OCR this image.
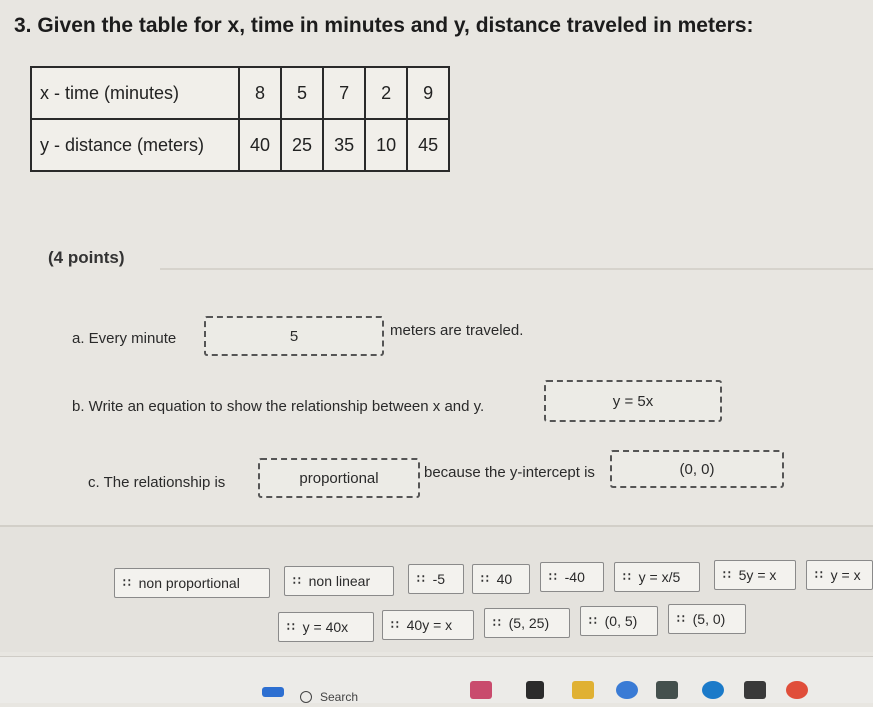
3. Given the table for x, time in minutes and y, distance traveled in meters:
x - time (minutes)	8	5	7	2	9
y - distance (meters)	40	25	35	10	45
(4 points)
a. Every minute	5	meters are traveled.
b. Write an equation to show the relationship between x and y.	y = 5x
c. The relationship is	proportional	because the y-intercept is	(0, 0)
∷ non proportional	∷ non linear	∷ -5	∷ 40	∷ -40	∷ y = x/5	∷ 5y = x	∷ y = x
∷ y = 40x	∷ 40y = x	∷ (5, 25)	∷ (0, 5)	∷ (5, 0)
Search
